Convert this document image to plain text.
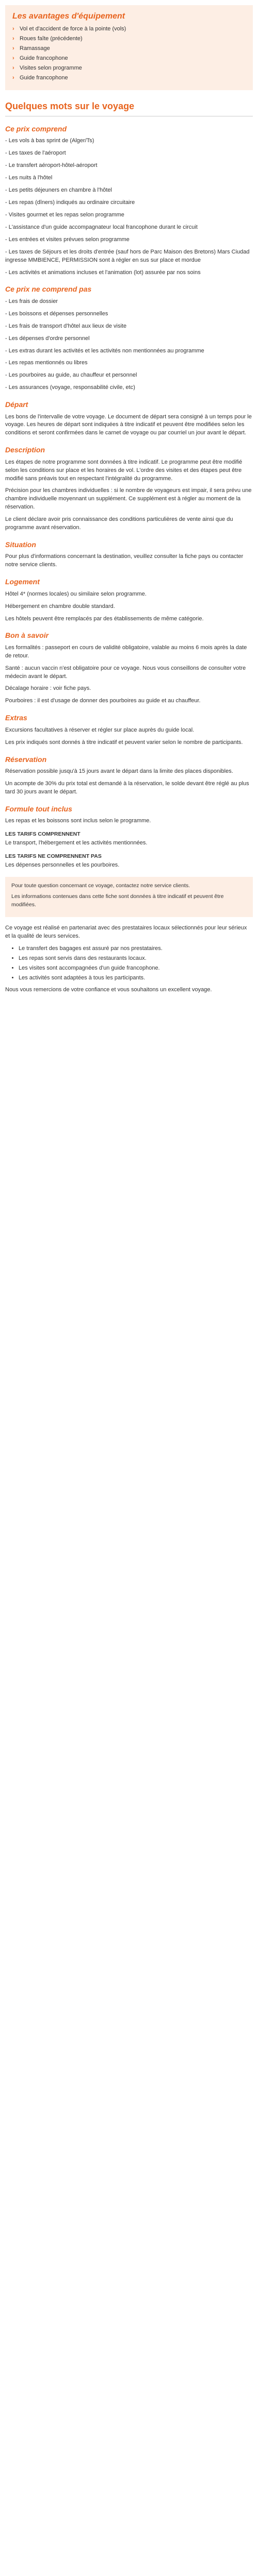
Les avantages d'équipement
› Vol et d'accident de force à la pointe (vols)
› Roues faîte (précédente)
› Ramassage
› Guide francophone
› Visites selon programme
› Guide francophone
Quelques mots sur le voyage
Ce prix comprend

- Les vols à bas sprint de (Alger/Ts)

- Les taxes de l'aéroport

- Le transfert aéroport-hôtel-aéroport

- Les nuits à l'hôtel

- Les petits déjeuners en chambre à l'hôtel

- Les repas (dîners) indiqués au ordinaire circuitaire

- Visites gourmet et les repas selon programme

- L'assistance d'un guide accompagnateur local francophone durant le circuit

- Les entrées et visites prévues selon programme

- Les taxes de Séjours et les droits d'entrée (sauf hors de Parc Maison des Bretons) Mars Ciudad ingresse MMBIENCE, PERMISSION sont à régler en sus sur place et mordue

- Les activités et animations incluses et l'animation (lot) assurée par nos soins

Ce prix ne comprend pas

- Les frais de dossier

- Les boissons et dépenses personnelles

- Les frais de transport d'hôtel aux lieux de visite

- Les dépenses d'ordre personnel

- Les extras durant les activités et les activités non mentionnées au programme

- Les repas mentionnés ou libres

- Les pourboires au guide, au chauffeur et personnel

- Les assurances (voyage, responsabilité civile, etc)

Départ

Les bons de l'intervalle de votre voyage. Le document de départ sera consigné à un temps pour le voyage. Les heures de départ sont indiquées à titre indicatif et peuvent être modifiées selon les conditions et seront confirmées dans le carnet de voyage ou par courriel un jour avant le départ.

Description

Les étapes de notre programme sont données à titre indicatif. Le programme peut être modifié selon les conditions sur place et les horaires de vol. L'ordre des visites et des étapes peut être modifié sans préavis tout en respectant l'intégralité du programme.

Précision pour les chambres individuelles : si le nombre de voyageurs est impair, il sera prévu une chambre individuelle moyennant un supplément. Ce supplément est à régler au moment de la réservation.

Le client déclare avoir pris connaissance des conditions particulières de vente ainsi que du programme avant réservation.

Situation

Pour plus d'informations concernant la destination, veuillez consulter la fiche pays ou contacter notre service clients.

Logement

Hôtel 4* (normes locales) ou similaire selon programme.

Hébergement en chambre double standard.

Les hôtels peuvent être remplacés par des établissements de même catégorie.

Bon à savoir

Les formalités : passeport en cours de validité obligatoire, valable au moins 6 mois après la date de retour.

Santé : aucun vaccin n'est obligatoire pour ce voyage. Nous vous conseillons de consulter votre médecin avant le départ.

Décalage horaire : voir fiche pays.

Pourboires : il est d'usage de donner des pourboires au guide et au chauffeur.

Extras

Excursions facultatives à réserver et régler sur place auprès du guide local.

Les prix indiqués sont donnés à titre indicatif et peuvent varier selon le nombre de participants.

Réservation

Réservation possible jusqu'à 15 jours avant le départ dans la limite des places disponibles.

Un acompte de 30% du prix total est demandé à la réservation, le solde devant être réglé au plus tard 30 jours avant le départ.

Formule tout inclus

Les repas et les boissons sont inclus selon le programme.

LES TARIFS COMPRENNENT

Le transport, l'hébergement et les activités mentionnées.

LES TARIFS NE COMPRENNENT PAS

Les dépenses personnelles et les pourboires.

Pour toute question concernant ce voyage, contactez notre service clients.

Les informations contenues dans cette fiche sont données à titre indicatif et peuvent être modifiées.

Ce voyage est réalisé en partenariat avec des prestataires locaux sélectionnés pour leur sérieux et la qualité de leurs services.

• Le transfert des bagages est assuré par nos prestataires.
• Les repas sont servis dans des restaurants locaux.
• Les visites sont accompagnées d'un guide francophone.
• Les activités sont adaptées à tous les participants.

Nous vous remercions de votre confiance et vous souhaitons un excellent voyage.
